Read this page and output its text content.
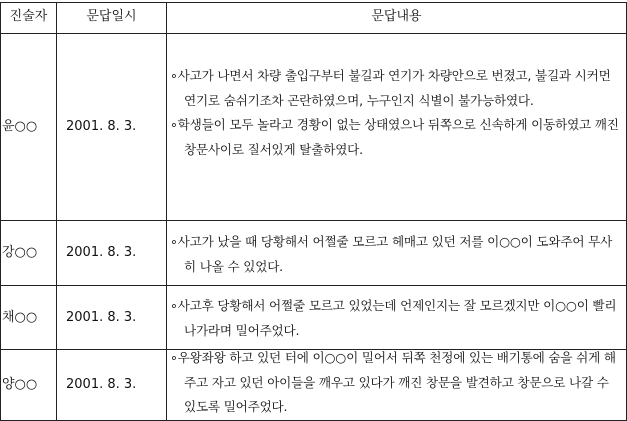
진술자	문답일시	문답내용
윤○○ 2001. 8. 3.

∘사고가 나면서 차량 출입구부터 불길과 연기가 차량안으로 번졌고, 불길과 시커먼 연기로 숨쉬기조차 곤란하였으며, 누구인지 식별이 불가능하였다.

∘학생들이 모두 놀라고 경황이 없는 상태였으나 뒤쪽으로 신속하게 이동하였고 깨진 창문사이로 질서있게 탈출하였다.

강○○ 2001. 8. 3.

∘사고가 났을 때 당황해서 어쩔줄 모르고 헤매고 있던 저를 이○○이 도와주어 무사히 나올 수 있었다.

채○○ 2001. 8. 3.

∘사고후 당황해서 어쩔줄 모르고 있었는데 언제인지는 잘 모르겠지만 이○○이 빨리 나가라며 밀어주었다.

양○○ 2001. 8. 3.

∘우왕좌왕 하고 있던 터에 이○○이 밀어서 뒤쪽 천정에 있는 배기통에 숨을 쉬게 해 주고 자고 있던 아이들을 깨우고 있다가 깨진 창문을 발견하고 창문으로 나갈 수 있도록 밀어주었다.
